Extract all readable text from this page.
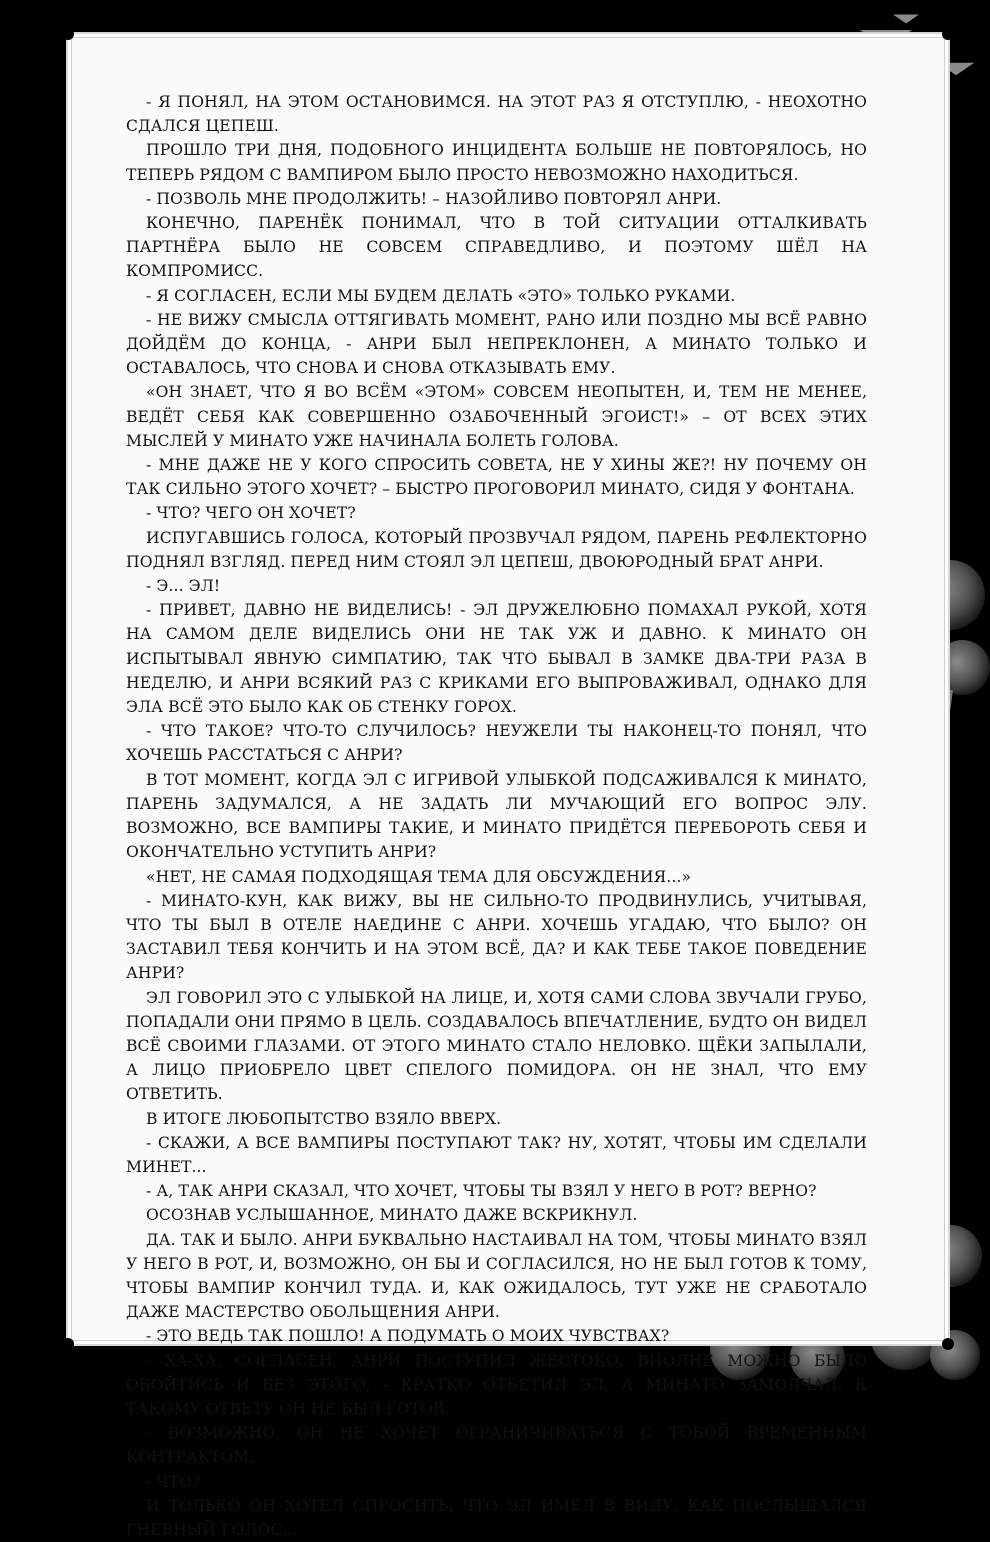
- Я ПОНЯЛ, НА ЭТОМ ОСТАНОВИМСЯ. НА ЭТОТ РАЗ Я ОТСТУПЛЮ, - НЕОХОТНО СДАЛСЯ ЦЕПЕШ.

ПРОШЛО ТРИ ДНЯ, ПОДОБНОГО ИНЦИДЕНТА БОЛЬШЕ НЕ ПОВТОРЯЛОСЬ, НО ТЕПЕРЬ РЯДОМ С ВАМПИРОМ БЫЛО ПРОСТО НЕВОЗМОЖНО НАХОДИТЬСЯ.

- ПОЗВОЛЬ МНЕ ПРОДОЛЖИТЬ! – НАЗОЙЛИВО ПОВТОРЯЛ АНРИ.

КОНЕЧНО, ПАРЕНЁК ПОНИМАЛ, ЧТО В ТОЙ СИТУАЦИИ ОТТАЛКИВАТЬ ПАРТНЁРА БЫЛО НЕ СОВСЕМ СПРАВЕДЛИВО, И ПОЭТОМУ ШЁЛ НА КОМПРОМИСС.

- Я СОГЛАСЕН, ЕСЛИ МЫ БУДЕМ ДЕЛАТЬ «ЭТО» ТОЛЬКО РУКАМИ.

- НЕ ВИЖУ СМЫСЛА ОТТЯГИВАТЬ МОМЕНТ, РАНО ИЛИ ПОЗДНО МЫ ВСЁ РАВНО ДОЙДЁМ ДО КОНЦА, - АНРИ БЫЛ НЕПРЕКЛОНЕН, А МИНАТО ТОЛЬКО И ОСТАВАЛОСЬ, ЧТО СНОВА И СНОВА ОТКАЗЫВАТЬ ЕМУ.

«ОН ЗНАЕТ, ЧТО Я ВО ВСЁМ «ЭТОМ» СОВСЕМ НЕОПЫТЕН, И, ТЕМ НЕ МЕНЕЕ, ВЕДЁТ СЕБЯ КАК СОВЕРШЕННО ОЗАБОЧЕННЫЙ ЭГОИСТ!» – ОТ ВСЕХ ЭТИХ МЫСЛЕЙ У МИНАТО УЖЕ НАЧИНАЛА БОЛЕТЬ ГОЛОВА.

- МНЕ ДАЖЕ НЕ У КОГО СПРОСИТЬ СОВЕТА, НЕ У ХИНЫ ЖЕ?! НУ ПОЧЕМУ ОН ТАК СИЛЬНО ЭТОГО ХОЧЕТ? – БЫСТРО ПРОГОВОРИЛ МИНАТО, СИДЯ У ФОНТАНА.

- ЧТО? ЧЕГО ОН ХОЧЕТ?

ИСПУГАВШИСЬ ГОЛОСА, КОТОРЫЙ ПРОЗВУЧАЛ РЯДОМ, ПАРЕНЬ РЕФЛЕКТОРНО ПОДНЯЛ ВЗГЛЯД. ПЕРЕД НИМ СТОЯЛ ЭЛ ЦЕПЕШ, ДВОЮРОДНЫЙ БРАТ АНРИ.

- Э... ЭЛ!

- ПРИВЕТ, ДАВНО НЕ ВИДЕЛИСЬ! - ЭЛ ДРУЖЕЛЮБНО ПОМАХАЛ РУКОЙ, ХОТЯ НА САМОМ ДЕЛЕ ВИДЕЛИСЬ ОНИ НЕ ТАК УЖ И ДАВНО. К МИНАТО ОН ИСПЫТЫВАЛ ЯВНУЮ СИМПАТИЮ, ТАК ЧТО БЫВАЛ В ЗАМКЕ ДВА-ТРИ РАЗА В НЕДЕЛЮ, И АНРИ ВСЯКИЙ РАЗ С КРИКАМИ ЕГО ВЫПРОВАЖИВАЛ, ОДНАКО ДЛЯ ЭЛА ВСЁ ЭТО БЫЛО КАК ОБ СТЕНКУ ГОРОХ.

- ЧТО ТАКОЕ? ЧТО-ТО СЛУЧИЛОСЬ? НЕУЖЕЛИ ТЫ НАКОНЕЦ-ТО ПОНЯЛ, ЧТО ХОЧЕШЬ РАССТАТЬСЯ С АНРИ?

В ТОТ МОМЕНТ, КОГДА ЭЛ С ИГРИВОЙ УЛЫБКОЙ ПОДСАЖИВАЛСЯ К МИНАТО, ПАРЕНЬ ЗАДУМАЛСЯ, А НЕ ЗАДАТЬ ЛИ МУЧАЮЩИЙ ЕГО ВОПРОС ЭЛУ. ВОЗМОЖНО, ВСЕ ВАМПИРЫ ТАКИЕ, И МИНАТО ПРИДЁТСЯ ПЕРЕБОРОТЬ СЕБЯ И ОКОНЧАТЕЛЬНО УСТУПИТЬ АНРИ?

«НЕТ, НЕ САМАЯ ПОДХОДЯЩАЯ ТЕМА ДЛЯ ОБСУЖДЕНИЯ...»

- МИНАТО-КУН, КАК ВИЖУ, ВЫ НЕ СИЛЬНО-ТО ПРОДВИНУЛИСЬ, УЧИТЫВАЯ, ЧТО ТЫ БЫЛ В ОТЕЛЕ НАЕДИНЕ С АНРИ. ХОЧЕШЬ УГАДАЮ, ЧТО БЫЛО? ОН ЗАСТАВИЛ ТЕБЯ КОНЧИТЬ И НА ЭТОМ ВСЁ, ДА? И КАК ТЕБЕ ТАКОЕ ПОВЕДЕНИЕ АНРИ?

ЭЛ ГОВОРИЛ ЭТО С УЛЫБКОЙ НА ЛИЦЕ, И, ХОТЯ САМИ СЛОВА ЗВУЧАЛИ ГРУБО, ПОПАДАЛИ ОНИ ПРЯМО В ЦЕЛЬ. СОЗДАВАЛОСЬ ВПЕЧАТЛЕНИЕ, БУДТО ОН ВИДЕЛ ВСЁ СВОИМИ ГЛАЗАМИ. ОТ ЭТОГО МИНАТО СТАЛО НЕЛОВКО. ЩЁКИ ЗАПЫЛАЛИ, А ЛИЦО ПРИОБРЕЛО ЦВЕТ СПЕЛОГО ПОМИДОРА. ОН НЕ ЗНАЛ, ЧТО ЕМУ ОТВЕТИТЬ.

В ИТОГЕ ЛЮБОПЫТСТВО ВЗЯЛО ВВЕРХ.

- СКАЖИ, А ВСЕ ВАМПИРЫ ПОСТУПАЮТ ТАК? НУ, ХОТЯТ, ЧТОБЫ ИМ СДЕЛАЛИ МИНЕТ...

- А, ТАК АНРИ СКАЗАЛ, ЧТО ХОЧЕТ, ЧТОБЫ ТЫ ВЗЯЛ У НЕГО В РОТ? ВЕРНО?

ОСОЗНАВ УСЛЫШАННОЕ, МИНАТО ДАЖЕ ВСКРИКНУЛ.

ДА. ТАК И БЫЛО. АНРИ БУКВАЛЬНО НАСТАИВАЛ НА ТОМ, ЧТОБЫ МИНАТО ВЗЯЛ У НЕГО В РОТ, И, ВОЗМОЖНО, ОН БЫ И СОГЛАСИЛСЯ, НО НЕ БЫЛ ГОТОВ К ТОМУ, ЧТОБЫ ВАМПИР КОНЧИЛ ТУДА. И, КАК ОЖИДАЛОСЬ, ТУТ УЖЕ НЕ СРАБОТАЛО ДАЖЕ МАСТЕРСТВО ОБОЛЬЩЕНИЯ АНРИ.

- ЭТО ВЕДЬ ТАК ПОШЛО! А ПОДУМАТЬ О МОИХ ЧУВСТВАХ?

- ХА-ХА, СОГЛАСЕН, АНРИ ПОСТУПИЛ ЖЕСТОКО. ВПОЛНЕ МОЖНО БЫЛО ОБОЙТИСЬ И БЕЗ ЭТОГО, - КРАТКО ОТВЕТИЛ ЭЛ, А МИНАТО ЗАМОЛЧАЛ. К ТАКОМУ ОТВЕТУ ОН НЕ БЫЛ ГОТОВ.

- ВОЗМОЖНО, ОН НЕ ХОЧЕТ ОГРАНИЧИВАТЬСЯ С ТОБОЙ ВРЕМЕННЫМ КОНТРАКТОМ.

- ЧТО?

И ТОЛЬКО ОН ХОТЕЛ СПРОСИТЬ, ЧТО ЭЛ ИМЕЛ В ВИДУ, КАК ПОСЛЫШАЛСЯ ГНЕВНЫЙ ГОЛОС...
